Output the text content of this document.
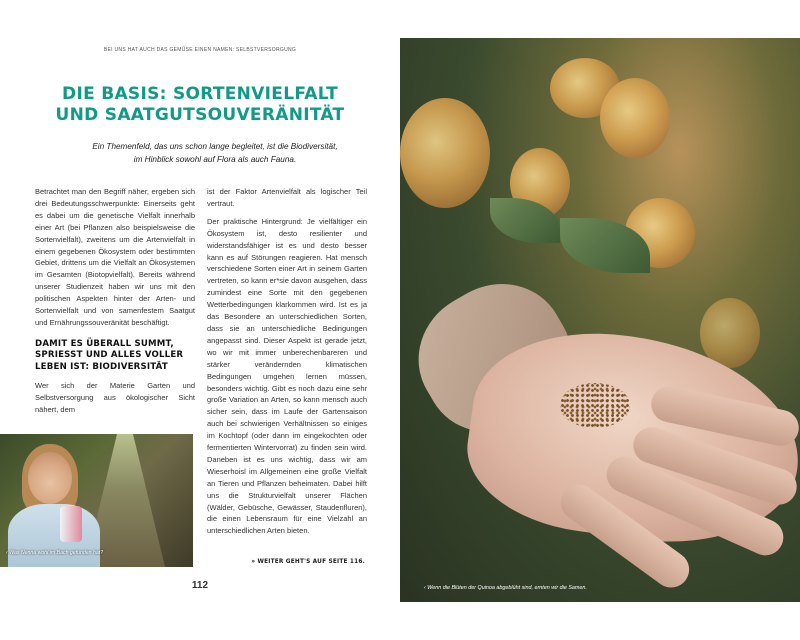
BEI UNS HAT AUCH DAS GEMÜSE EINEN NAMEN: SELBSTVERSORGUNG
DIE BASIS: SORTENVIELFALT
UND SAATGUTSOUVERÄNITÄT

Ein Themenfeld, das uns schon lange begleitet, ist die Biodiversität, im Hinblick sowohl auf Flora als auch Fauna.

Betrachtet man den Begriff näher, ergeben sich drei Bedeutungsschwerpunkte: Einerseits geht es dabei um die genetische Vielfalt innerhalb einer Art (bei Pflanzen also beispielsweise die Sortenvielfalt), zweitens um die Artenvielfalt in einem gegebenen Ökosystem oder bestimmten Gebiet, drittens um die Vielfalt an Ökosystemen im Gesamten (Biotopvielfalt). Bereits während unserer Studienzeit haben wir uns mit den politischen Aspekten hinter der Arten- und Sortenvielfalt und von samenfestem Saatgut und Ernährungssouveränität beschäftigt.

DAMIT ES ÜBERALL SUMMT, SPRIESST UND ALLES VOLLER LEBEN IST: BIODIVERSITÄT

Wer sich der Materie Garten und Selbstversorgung aus ökologischer Sicht nähert, dem

ist der Faktor Artenvielfalt als logischer Teil vertraut.

Der praktische Hintergrund: Je vielfältiger ein Ökosystem ist, desto resilienter und widerstandsfähiger ist es und desto besser kann es auf Störungen reagieren. Hat mensch verschiedene Sorten einer Art in seinem Garten vertreten, so kann er*sie davon ausgehen, dass zumindest eine Sorte mit den gegebenen Wetterbedingungen klarkommen wird. Ist es ja das Besondere an unterschiedlichen Sorten, dass sie an unterschiedliche Bedingungen angepasst sind. Dieser Aspekt ist gerade jetzt, wo wir mit immer unberechenbareren und stärker verändernden klimatischen Bedingungen umgehen lernen müssen, besonders wichtig. Gibt es noch dazu eine sehr große Variation an Arten, so kann mensch auch sicher sein, dass im Laufe der Gartensaison auch bei schwierigen Verhältnissen so einiges im Kochtopf (oder dann im eingekochten oder fermentierten Wintervorrat) zu finden sein wird. Daneben ist es uns wichtig, dass wir am Wieserhoisl im Allgemeinen eine große Vielfalt an Tieren und Pflanzen beheimaten. Dabei hilft uns die Strukturvielfalt unserer Flächen (Wälder, Gebüsche, Gewässer, Staudenfluren), die einen Lebensraum für eine Vielzahl an unterschiedlichen Arten bieten.

» WEITER GEHT'S AUF SEITE 116.
112
‹ Was Nenna wohl im Bach gefunden hat?
‹ Wenn die Blüten der Quinoa abgeblüht sind, ernten wir die Samen.
